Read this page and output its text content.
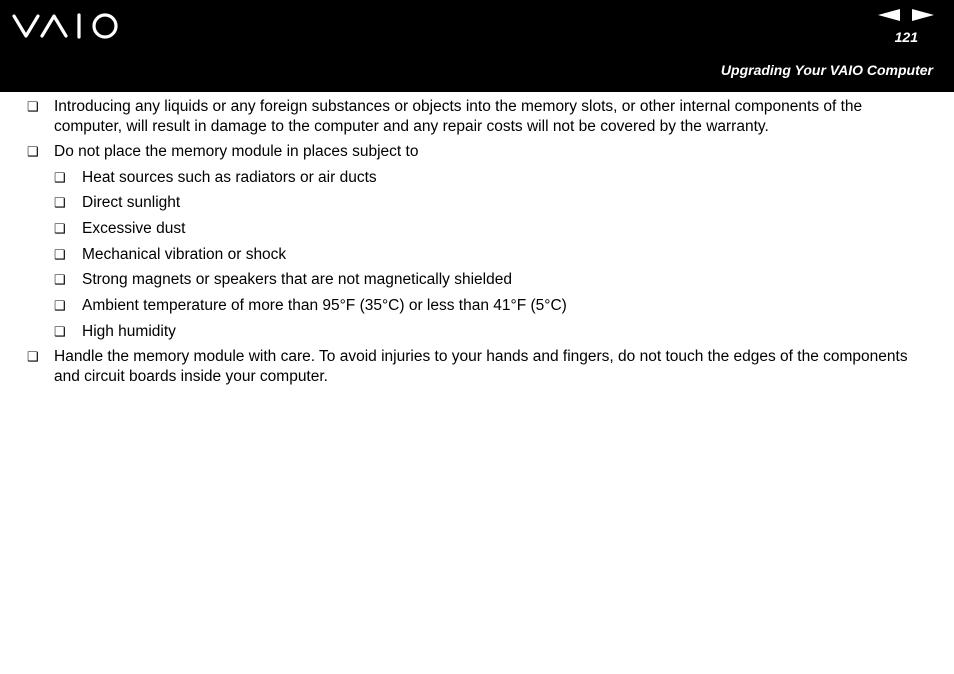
121
Upgrading Your VAIO Computer
❑ Introducing any liquids or any foreign substances or objects into the memory slots, or other internal components of the computer, will result in damage to the computer and any repair costs will not be covered by the warranty.
❑ Do not place the memory module in places subject to
❑ Heat sources such as radiators or air ducts
❑ Direct sunlight
❑ Excessive dust
❑ Mechanical vibration or shock
❑ Strong magnets or speakers that are not magnetically shielded
❑ Ambient temperature of more than 95°F (35°C) or less than 41°F (5°C)
❑ High humidity
❑ Handle the memory module with care. To avoid injuries to your hands and fingers, do not touch the edges of the components and circuit boards inside your computer.
